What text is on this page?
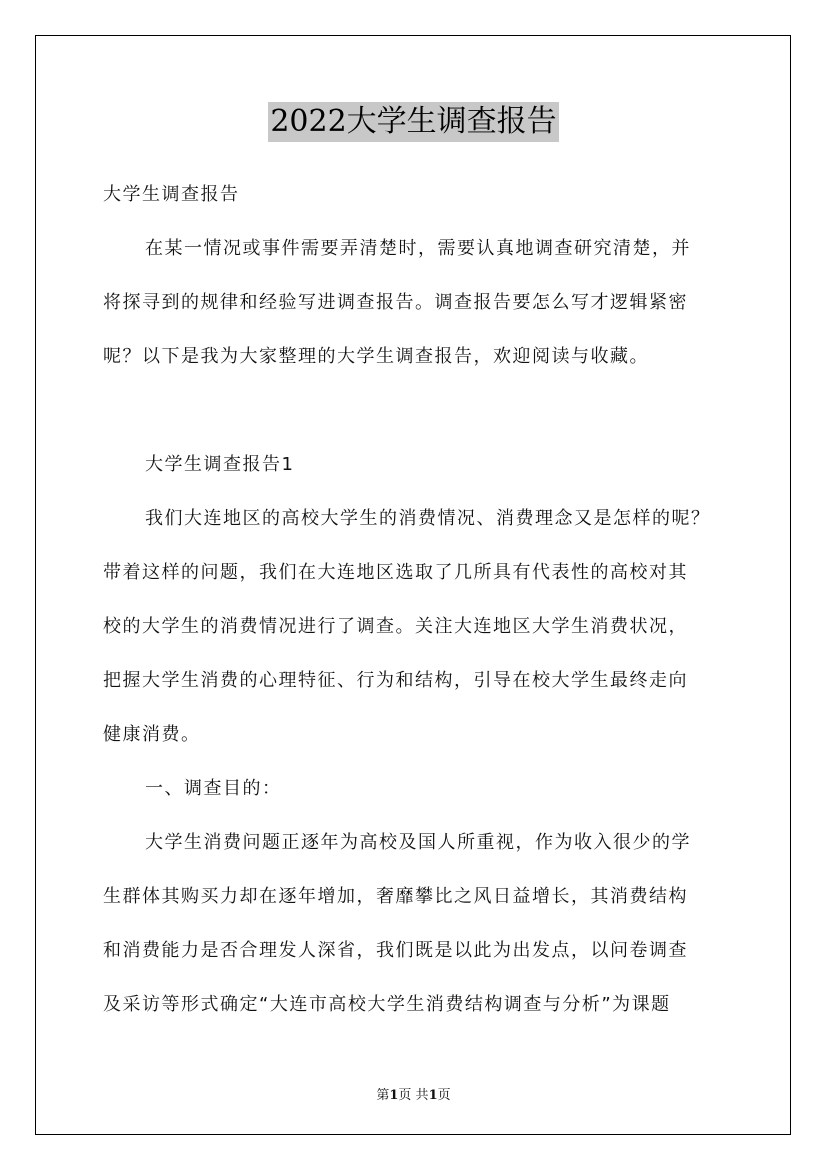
2022大学生调查报告
大学生调查报告
在某一情况或事件需要弄清楚时，需要认真地调查研究清楚，并
将探寻到的规律和经验写进调查报告。调查报告要怎么写才逻辑紧密
呢？以下是我为大家整理的大学生调查报告，欢迎阅读与收藏。
大学生调查报告1
我们大连地区的高校大学生的消费情况、消费理念又是怎样的呢？
带着这样的问题，我们在大连地区选取了几所具有代表性的高校对其
校的大学生的消费情况进行了调查。关注大连地区大学生消费状况，
把握大学生消费的心理特征、行为和结构，引导在校大学生最终走向
健康消费。
一、调查目的：
大学生消费问题正逐年为高校及国人所重视，作为收入很少的学
生群体其购买力却在逐年增加，奢靡攀比之风日益增长，其消费结构
和消费能力是否合理发人深省，我们既是以此为出发点，以问卷调查
及采访等形式确定“大连市高校大学生消费结构调查与分析”为课题
第1页 共1页
